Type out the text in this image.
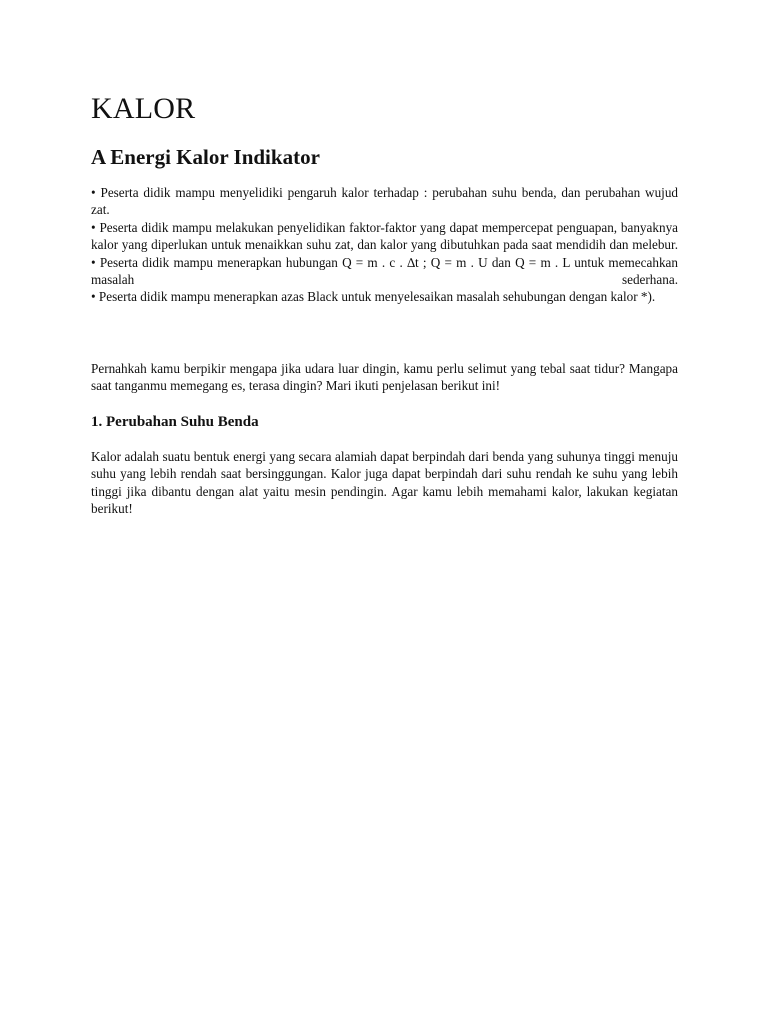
KALOR
A Energi Kalor Indikator
• Peserta didik mampu menyelidiki pengaruh kalor terhadap : perubahan suhu benda, dan perubahan wujud zat.
• Peserta didik mampu melakukan penyelidikan faktor-faktor yang dapat mempercepat penguapan, banyaknya kalor yang diperlukan untuk menaikkan suhu zat, dan kalor yang dibutuhkan pada saat mendidih dan melebur.
• Peserta didik mampu menerapkan hubungan Q = m . c . ∆t ; Q = m . U dan Q = m . L untuk memecahkan masalah sederhana.
• Peserta didik mampu menerapkan azas Black untuk menyelesaikan masalah sehubungan dengan kalor *).

Pernahkah kamu berpikir mengapa jika udara luar dingin, kamu perlu selimut yang tebal saat tidur? Mangapa saat tanganmu memegang es, terasa dingin? Mari ikuti penjelasan berikut ini!

1. Perubahan Suhu Benda

Kalor adalah suatu bentuk energi yang secara alamiah dapat berpindah dari benda yang suhunya tinggi menuju suhu yang lebih rendah saat bersinggungan. Kalor juga dapat berpindah dari suhu rendah ke suhu yang lebih tinggi jika dibantu dengan alat yaitu mesin pendingin. Agar kamu lebih memahami kalor, lakukan kegiatan berikut!
